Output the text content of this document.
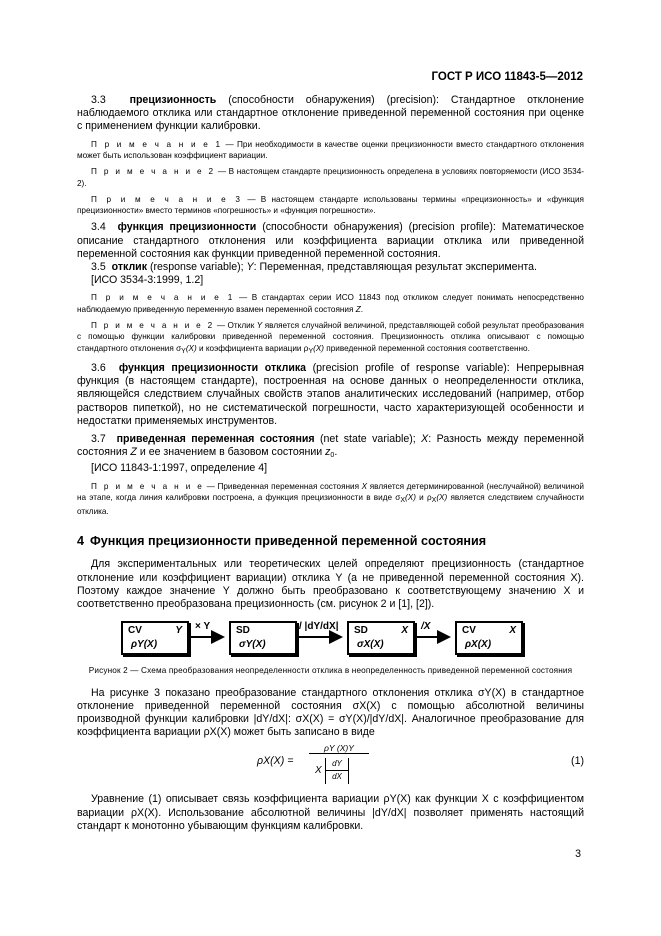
ГОСТ Р ИСО 11843-5—2012

3.3 прецизионность (способности обнаружения) (precision): Стандартное отклонение наблюдаемого отклика или стандартное отклонение приведенной переменной состояния при оценке с применением функции калибровки.

П р и м е ч а н и е 1 — При необходимости в качестве оценки прецизионности вместо стандартного отклонения может быть использован коэффициент вариации.

П р и м е ч а н и е 2 — В настоящем стандарте прецизионность определена в условиях повторяемости (ИСО 3534-2).

П р и м е ч а н и е 3 — В настоящем стандарте использованы термины «прецизионность» и «функция прецизионности» вместо терминов «погрешность» и «функция погрешности».

3.4 функция прецизионности (способности обнаружения) (precision profile): Математическое описание стандартного отклонения или коэффициента вариации отклика или приведенной переменной состояния как функции приведенной переменной состояния.

3.5 отклик (response variable); Y: Переменная, представляющая результат эксперимента.

[ИСО 3534-3:1999, 1.2]

П р и м е ч а н и е 1 — В стандартах серии ИСО 11843 под откликом следует понимать непосредственно наблюдаемую приведенную переменную взамен переменной состояния Z.

П р и м е ч а н и е 2 — Отклик Y является случайной величиной, представляющей собой результат преобразования с помощью функции калибровки приведенной переменной состояния. Прецизионность отклика описывают с помощью стандартного отклонения σY(X) и коэффициента вариации ρY(X) приведенной переменной состояния соответственно.

3.6 функция прецизионности отклика (precision profile of response variable): Непрерывная функция (в настоящем стандарте), построенная на основе данных о неопределенности отклика, являющейся следствием случайных свойств этапов аналитических исследований (например, отбор растворов пипеткой), но не систематической погрешности, часто характеризующей особенности и недостатки применяемых инструментов.

3.7 приведенная переменная состояния (net state variable); X: Разность между переменной состояния Z и ее значением в базовом состоянии $z_0$.

[ИСО 11843-1:1997, определение 4]

П р и м е ч а н и е — Приведенная переменная состояния X является детерминированной (неслучайной) величиной на этапе, когда линия калибровки построена, а функция прецизионности в виде σX(X) и ρX(X) является следствием случайности отклика.

4 Функция прецизионности приведенной переменной состояния

Для экспериментальных или теоретических целей определяют прецизионность (стандартное отклонение или коэффициент вариации) отклика Y (а не приведенной переменной состояния X). Поэтому каждое значение Y должно быть преобразовано к соответствующему значению X и соответственно преобразована прецизионность (см. рисунок 2 и [1], [2]).

CV	Y
ρY(X)
× Y	SD
σY(X)
/ |dY/dX| SD	X
σX(X)
/X	CV	X
ρX(X)

Рисунок 2 — Схема преобразования неопределенности отклика в неопределенность приведенной переменной состояния

На рисунке 3 показано преобразование стандартного отклонения отклика σY(X) в стандартное отклонение приведенной переменной состояния σX(X) с помощью абсолютной величины производной функции калибровки |dY/dX|: σX(X) = σY(X)/|dY/dX|. Аналогичное преобразование для коэффициента вариации ρX(X) может быть записано в виде

ρX(X) =
ρY (X)Y
X
dY
dX
(1)

Уравнение (1) описывает связь коэффициента вариации ρY(X) как функции X с коэффициентом вариации ρX(X). Использование абсолютной величины |dY/dX| позволяет применять настоящий стандарт к монотонно убывающим функциям калибровки.

3
